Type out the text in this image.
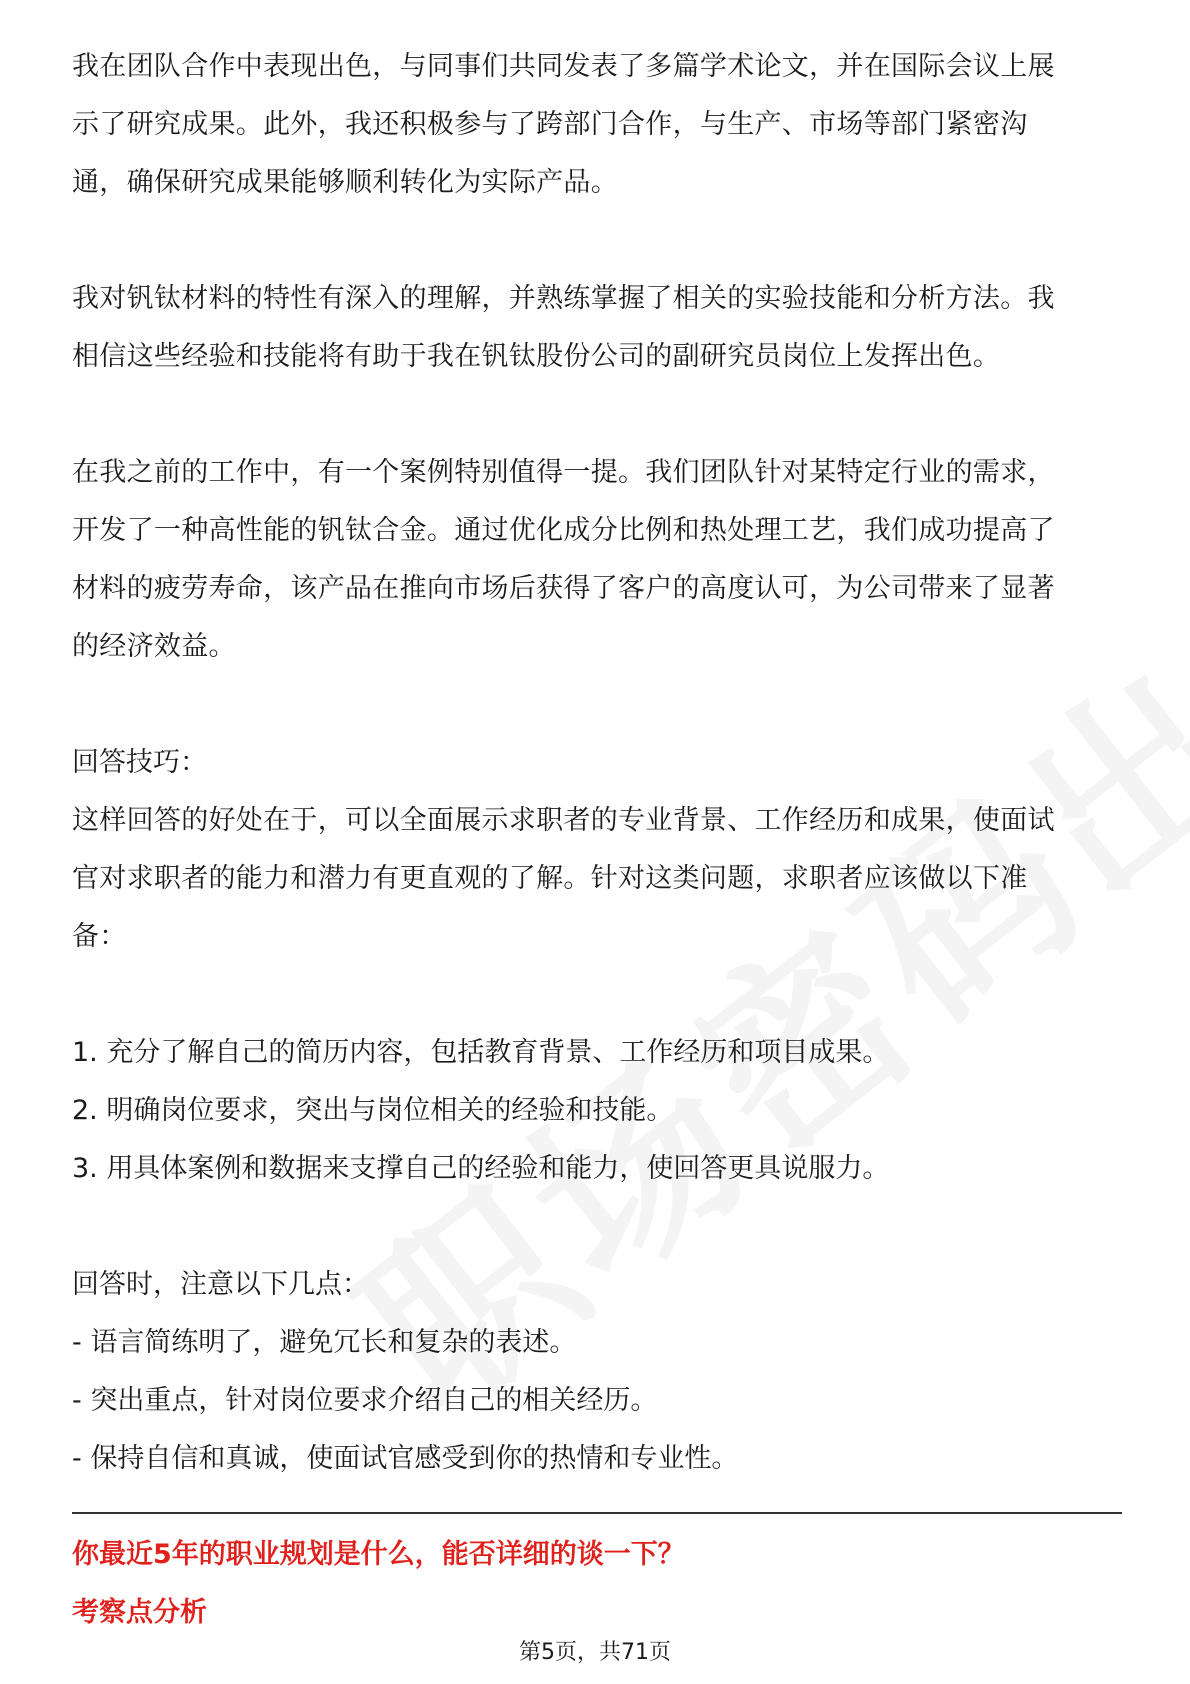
我在团队合作中表现出色，与同事们共同发表了多篇学术论文，并在国际会议上展

示了研究成果。此外，我还积极参与了跨部门合作，与生产、市场等部门紧密沟

通，确保研究成果能够顺利转化为实际产品。

我对钒钛材料的特性有深入的理解，并熟练掌握了相关的实验技能和分析方法。我

相信这些经验和技能将有助于我在钒钛股份公司的副研究员岗位上发挥出色。

在我之前的工作中，有一个案例特别值得一提。我们团队针对某特定行业的需求，

开发了一种高性能的钒钛合金。通过优化成分比例和热处理工艺，我们成功提高了

材料的疲劳寿命，该产品在推向市场后获得了客户的高度认可，为公司带来了显著

的经济效益。

回答技巧：

这样回答的好处在于，可以全面展示求职者的专业背景、工作经历和成果，使面试

官对求职者的能力和潜力有更直观的了解。针对这类问题，求职者应该做以下准

备：

1. 充分了解自己的简历内容，包括教育背景、工作经历和项目成果。

2. 明确岗位要求，突出与岗位相关的经验和技能。

3. 用具体案例和数据来支撑自己的经验和能力，使回答更具说服力。

回答时，注意以下几点：

- 语言简练明了，避免冗长和复杂的表述。

- 突出重点，针对岗位要求介绍自己的相关经历。

- 保持自信和真诚，使面试官感受到你的热情和专业性。

你最近5年的职业规划是什么，能否详细的谈一下？

考察点分析

第5页，共71页
